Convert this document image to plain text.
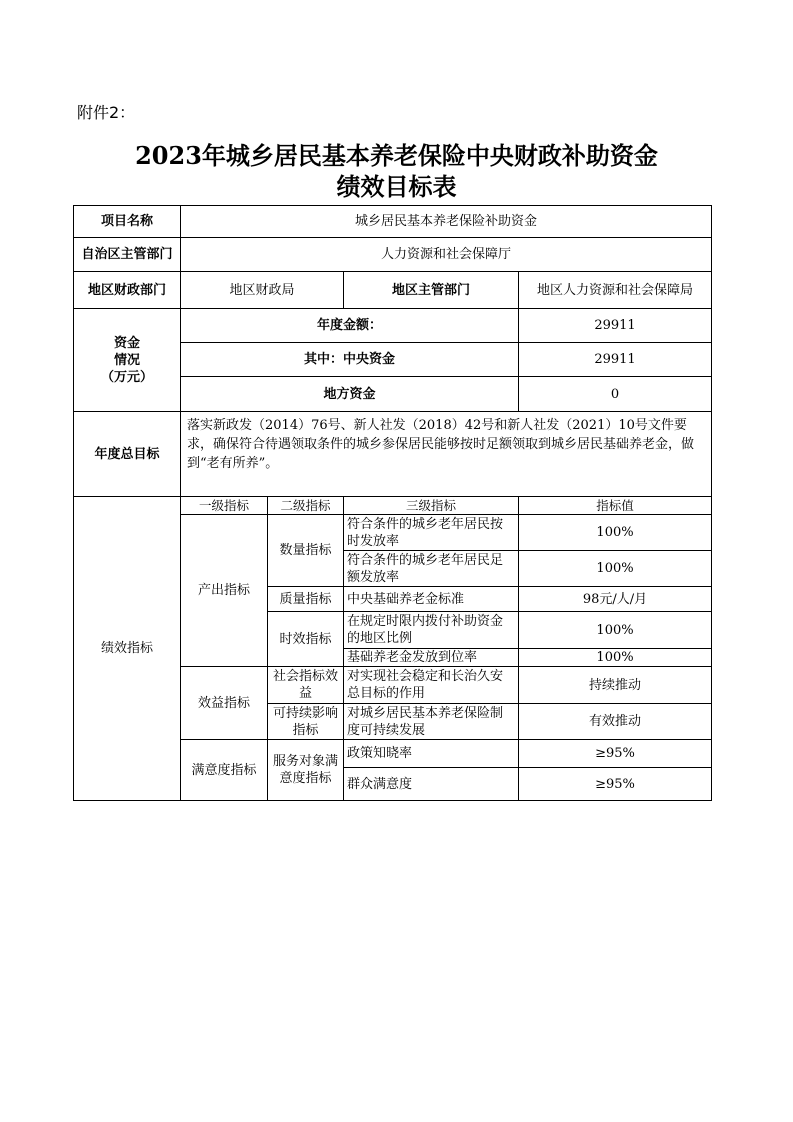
附件2：
2023年城乡居民基本养老保险中央财政补助资金
绩效目标表
项目名称	城乡居民基本养老保险补助资金			
自治区主管部门	人力资源和社会保障厅			
地区财政部门	地区财政局		地区主管部门	地区人力资源和社会保障局

资金
情况
（万元）	年度金额：			29911
	其中：中央资金			29911
	地方资金			0
年度总目标	落实新政发（2014）76号、新人社发（2018）42号和新人社发（2021）10号文件要求，确保符合待遇领取条件的城乡参保居民能够按时足额领取到城乡居民基础养老金，做到“老有所养”。			
绩效指标	一级指标	二级指标	三级指标	指标值
	产出指标	数量指标	符合条件的城乡老年居民按时发放率	100%
			符合条件的城乡老年居民足额发放率	100%
		质量指标	中央基础养老金标准	98元/人/月
		时效指标	在规定时限内拨付补助资金的地区比例	100%
			基础养老金发放到位率	100%
	效益指标	社会指标效益	对实现社会稳定和长治久安总目标的作用	持续推动
		可持续影响指标	对城乡居民基本养老保险制度可持续发展	有效推动
	满意度指标	服务对象满意度指标	政策知晓率	≥95%
			群众满意度	≥95%
